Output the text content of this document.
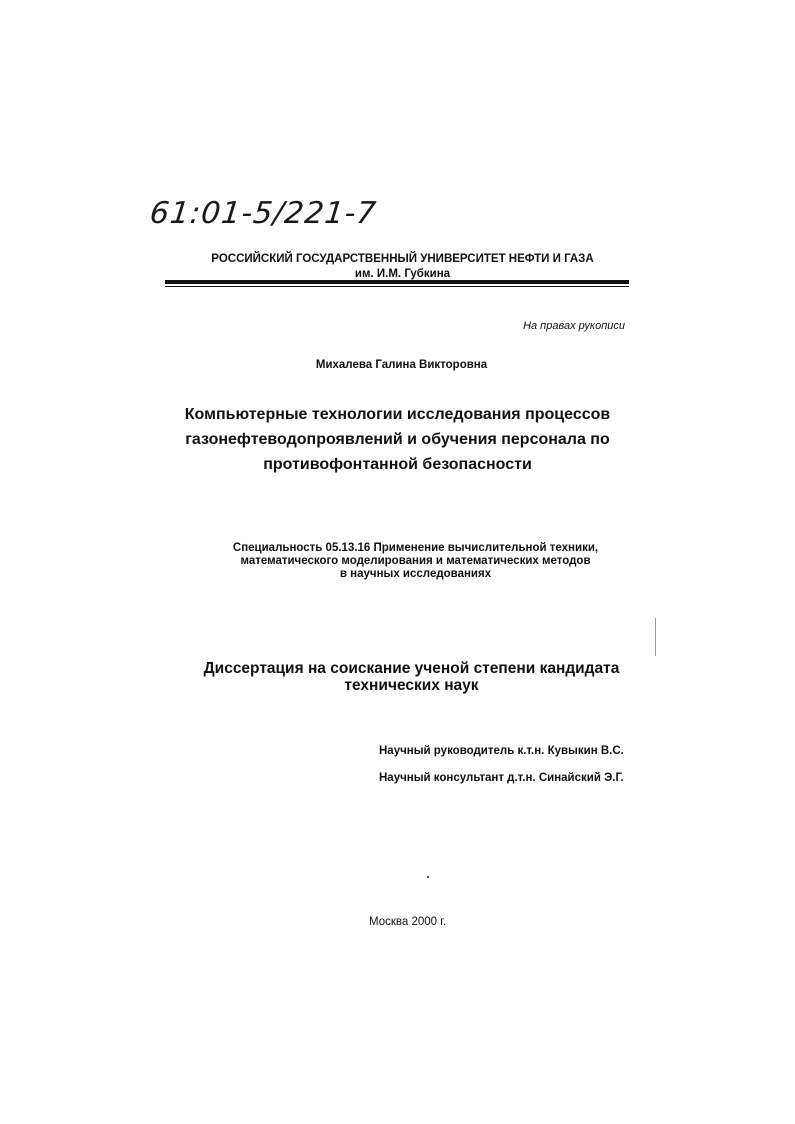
61:01-5/221-7
РОССИЙСКИЙ ГОСУДАРСТВЕННЫЙ УНИВЕРСИТЕТ НЕФТИ И ГАЗА
им. И.М. Губкина
На правах рукописи
Михалева Галина Викторовна
Компьютерные технологии исследования процессов
газонефтеводопроявлений и обучения персонала по
противофонтанной безопасности
Специальность 05.13.16 Применение вычислительной техники,
математического моделирования и математических методов
в научных исследованиях
Диссертация на соискание ученой степени кандидата
технических наук
Научный руководитель к.т.н. Кувыкин В.С.
Научный консультант д.т.н. Синайский Э.Г.
Москва 2000 г.
